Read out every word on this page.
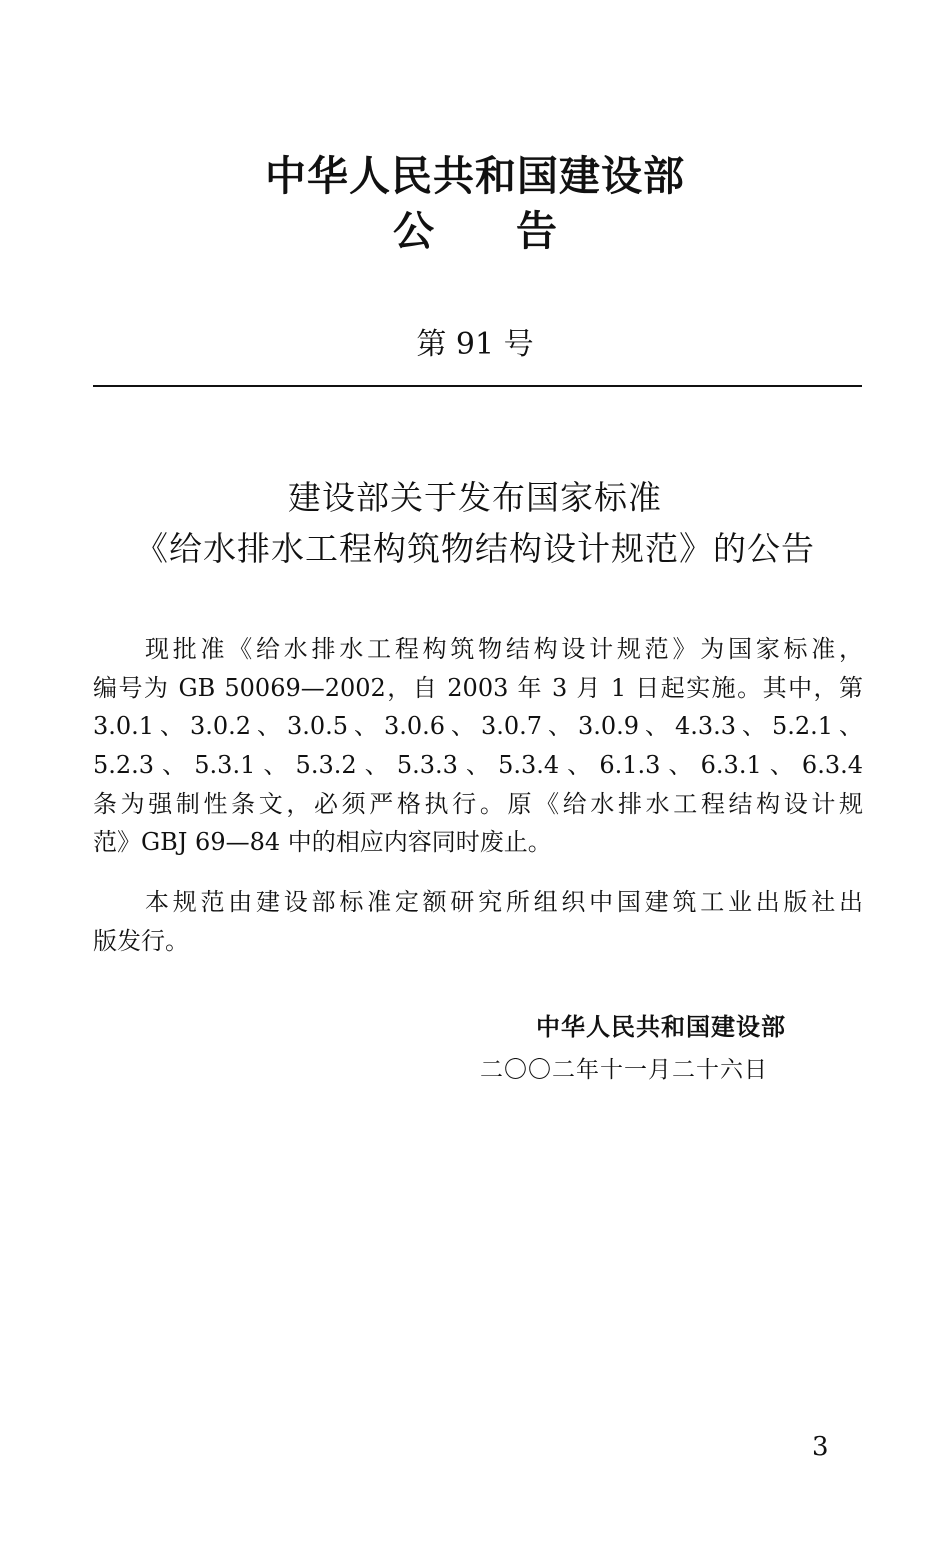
中华人民共和国建设部
公 告
第 91 号
建设部关于发布国家标准
《给水排水工程构筑物结构设计规范》的公告
现批准《给水排水工程构筑物结构设计规范》为国家标准，
编号为 GB 50069—2002，自 2003 年 3 月 1 日起实施。其中，第
3.0.1、3.0.2、3.0.5、3.0.6、3.0.7、3.0.9、4.3.3、5.2.1、
5.2.3、5.3.1、5.3.2、5.3.3、5.3.4、6.1.3、6.3.1、6.3.4
条为强制性条文，必须严格执行。原《给水排水工程结构设计规
范》GBJ 69—84 中的相应内容同时废止。
本规范由建设部标准定额研究所组织中国建筑工业出版社出
版发行。
中华人民共和国建设部
二〇〇二年十一月二十六日
3
